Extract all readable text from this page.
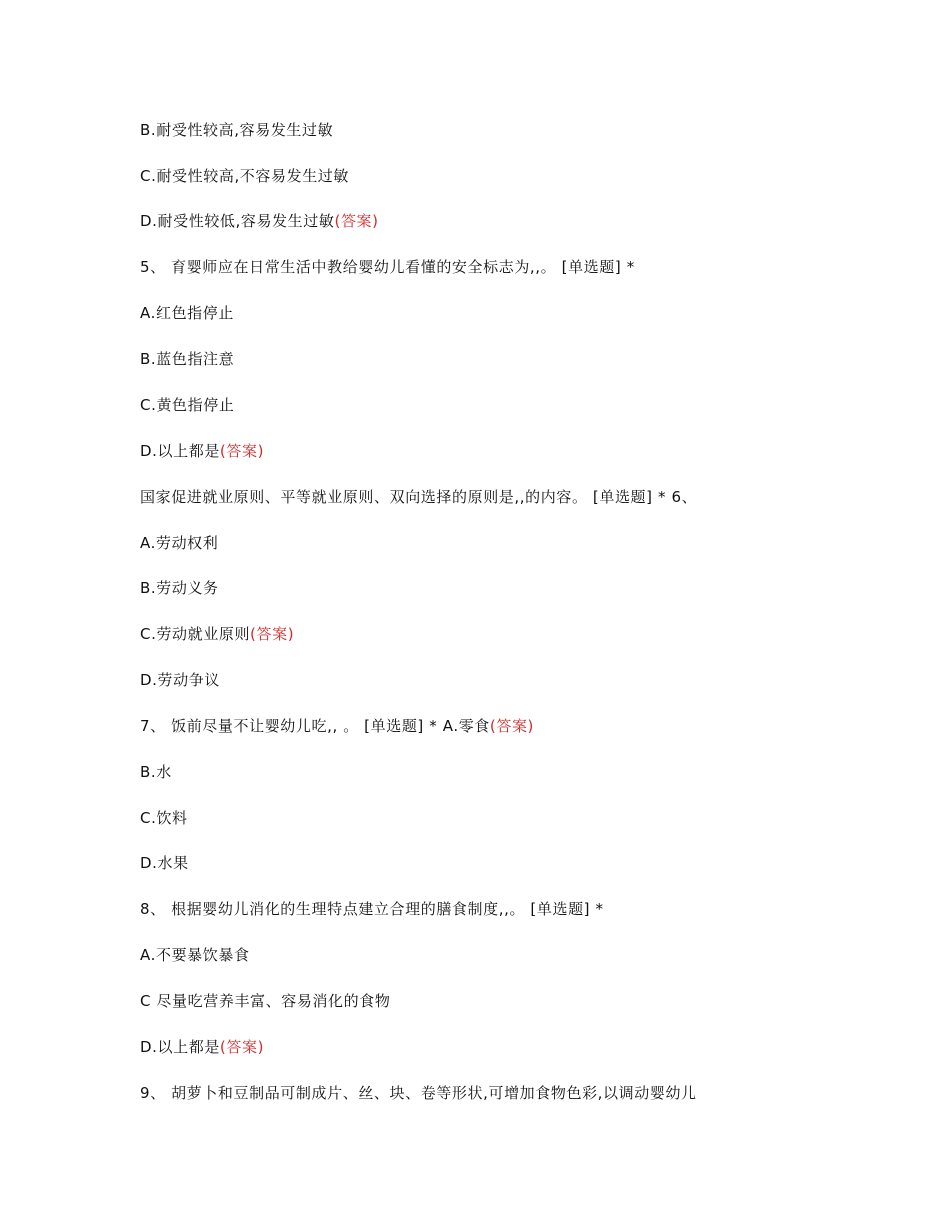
B.耐受性较高,容易发生过敏
C.耐受性较高,不容易发生过敏
D.耐受性较低,容易发生过敏(答案)
5、 育婴师应在日常生活中教给婴幼儿看懂的安全标志为,,。 [单选题] *
A.红色指停止
B.蓝色指注意
C.黄色指停止
D.以上都是(答案)
国家促进就业原则、平等就业原则、双向选择的原则是,,的内容。 [单选题] * 6、
A.劳动权利
B.劳动义务
C.劳动就业原则(答案)
D.劳动争议
7、 饭前尽量不让婴幼儿吃,, 。 [单选题] * A.零食(答案)
B.水
C.饮料
D.水果
8、 根据婴幼儿消化的生理特点建立合理的膳食制度,,。 [单选题] *
A.不要暴饮暴食
C 尽量吃营养丰富、容易消化的食物
D.以上都是(答案)
9、 胡萝卜和豆制品可制成片、丝、块、卷等形状,可增加食物色彩,以调动婴幼儿
